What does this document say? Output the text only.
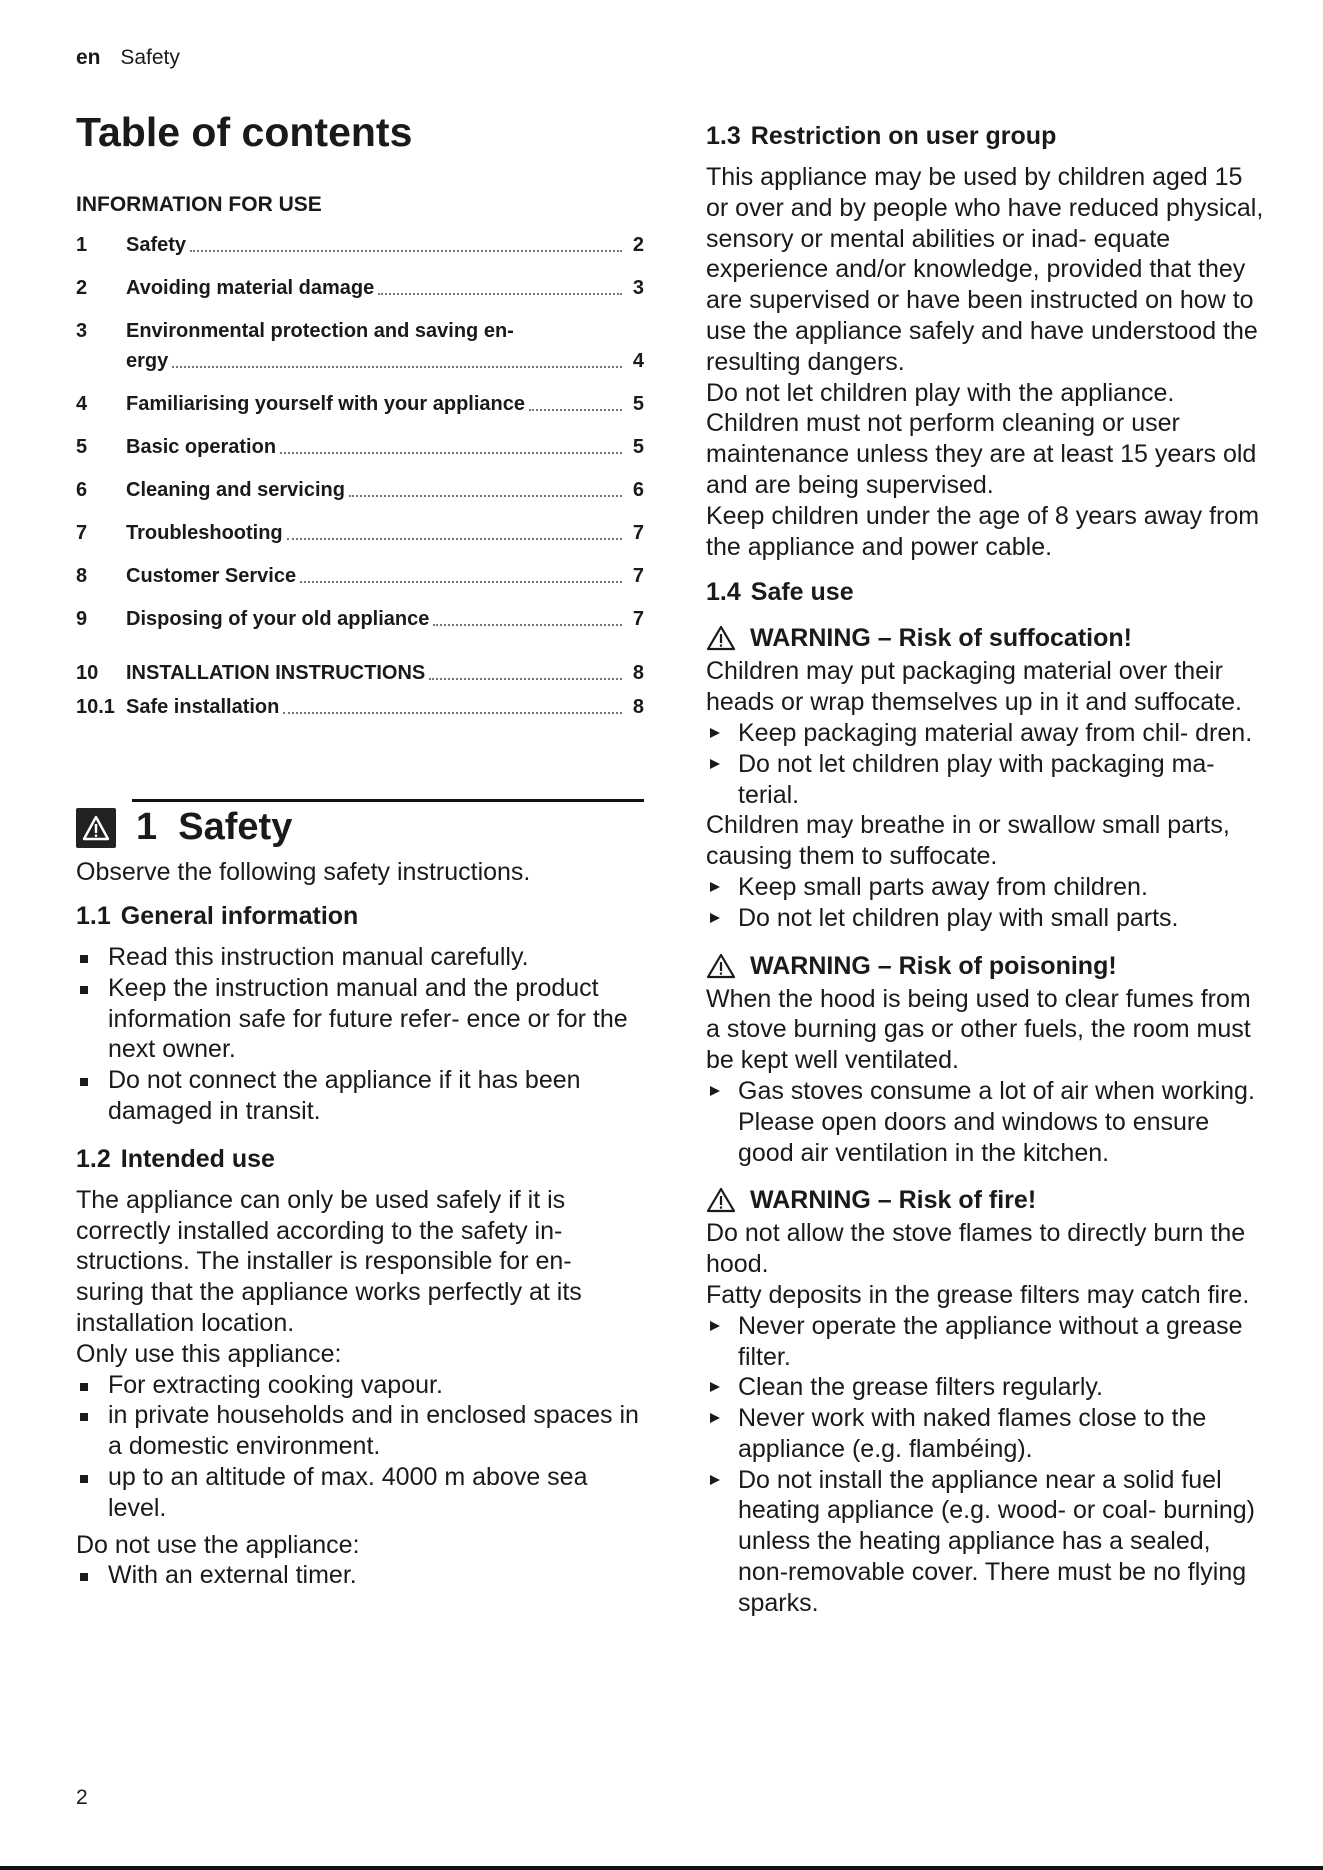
en Safety
Table of contents
INFORMATION FOR USE
1	Safety	2
2	Avoiding material damage	3
3	Environmental protection and saving en-
ergy	4
4	Familiarising yourself with your appliance	5
5	Basic operation	5
6	Cleaning and servicing	6
7	Troubleshooting	7
8	Customer Service	7
9	Disposing of your old appliance	7
10	INSTALLATION INSTRUCTIONS	8
10.1 Safe installation	8
1 Safety

Observe the following safety instructions.

1.1 General information
Read this instruction manual carefully.
Keep the instruction manual and the product information safe for future refer- ence or for the next owner.
Do not connect the appliance if it has been damaged in transit.
1.2 Intended use

The appliance can only be used safely if it is correctly installed according to the safety in- structions. The installer is responsible for en- suring that the appliance works perfectly at its installation location.

Only use this appliance:

For extracting cooking vapour.
in private households and in enclosed spaces in a domestic environment.
up to an altitude of max. 4000 m above sea level.

Do not use the appliance:

With an external timer.
1.3 Restriction on user group

This appliance may be used by children aged 15 or over and by people who have reduced physical, sensory or mental abilities or inad- equate experience and/or knowledge, provided that they are supervised or have been instructed on how to use the appliance safely and have understood the resulting dangers.

Do not let children play with the appliance.

Children must not perform cleaning or user maintenance unless they are at least 15 years old and are being supervised.

Keep children under the age of 8 years away from the appliance and power cable.

1.4 Safe use
WARNING – Risk of suffocation!

Children may put packaging material over their heads or wrap themselves up in it and suffocate.

Keep packaging material away from chil- dren.
Do not let children play with packaging ma- terial.

Children may breathe in or swallow small parts, causing them to suffocate.

Keep small parts away from children.
Do not let children play with small parts.
WARNING – Risk of poisoning!

When the hood is being used to clear fumes from a stove burning gas or other fuels, the room must be kept well ventilated.

Gas stoves consume a lot of air when working. Please open doors and windows to ensure good air ventilation in the kitchen.
WARNING – Risk of fire!

Do not allow the stove flames to directly burn the hood.

Fatty deposits in the grease filters may catch fire.

Never operate the appliance without a grease filter.
Clean the grease filters regularly.
Never work with naked flames close to the appliance (e.g. flambéing).
Do not install the appliance near a solid fuel heating appliance (e.g. wood- or coal- burning) unless the heating appliance has a sealed, non-removable cover. There must be no flying sparks.
2
